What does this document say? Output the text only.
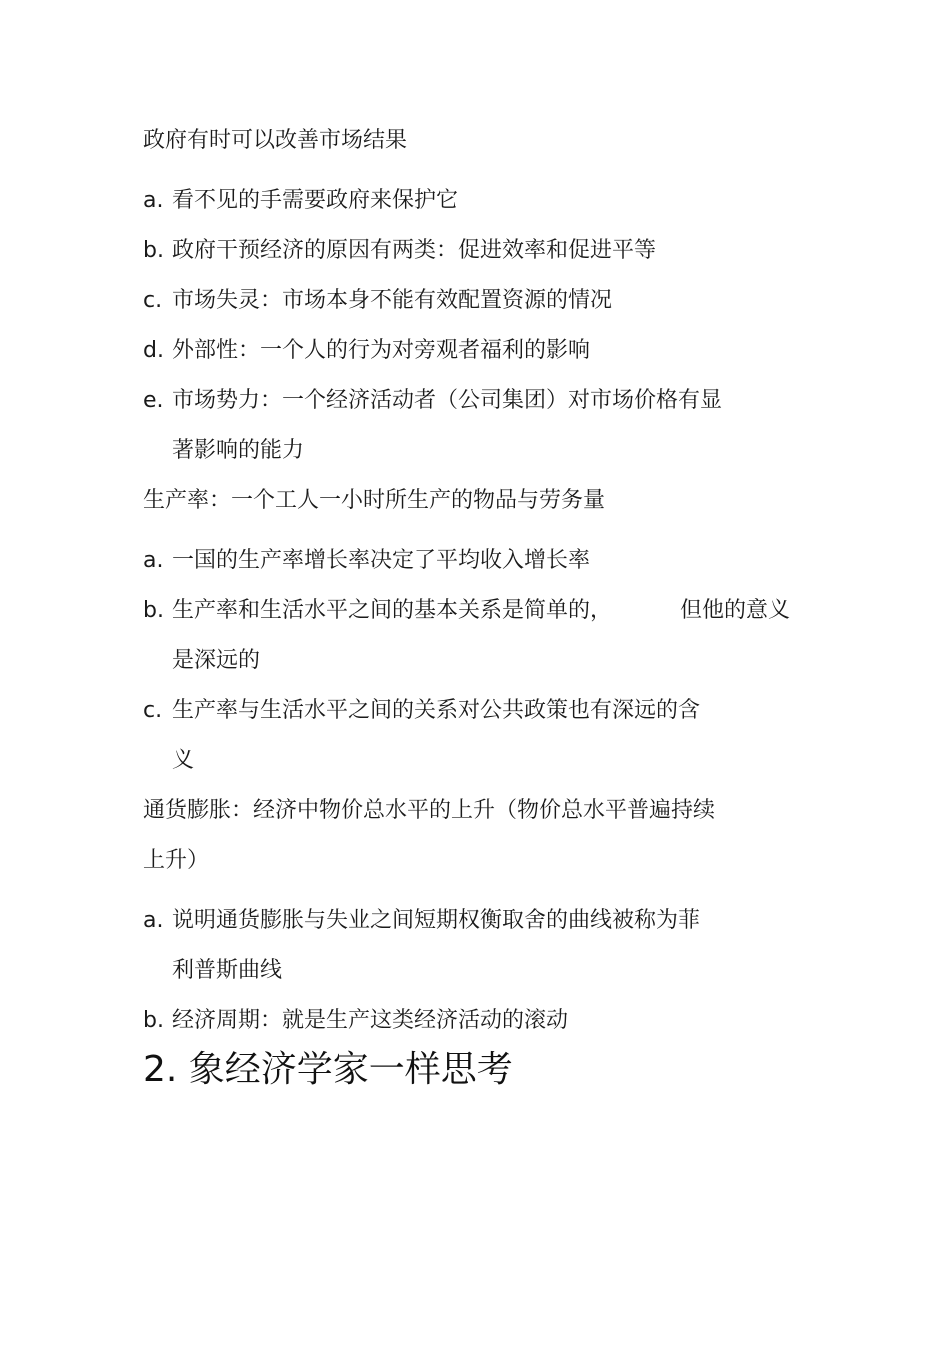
政府有时可以改善市场结果
a. 看不见的手需要政府来保护它
b. 政府干预经济的原因有两类：促进效率和促进平等
c. 市场失灵：市场本身不能有效配置资源的情况
d. 外部性：一个人的行为对旁观者福利的影响
e. 市场势力：一个经济活动者（公司集团）对市场价格有显
著影响的能力
生产率：一个工人一小时所生产的物品与劳务量
a. 一国的生产率增长率决定了平均收入增长率
b. 生产率和生活水平之间的基本关系是简单的，	但他的意义
是深远的
c. 生产率与生活水平之间的关系对公共政策也有深远的含
义
通货膨胀：经济中物价总水平的上升（物价总水平普遍持续
上升）
a. 说明通货膨胀与失业之间短期权衡取舍的曲线被称为菲
利普斯曲线
b. 经济周期：就是生产这类经济活动的滚动
2. 象经济学家一样思考
